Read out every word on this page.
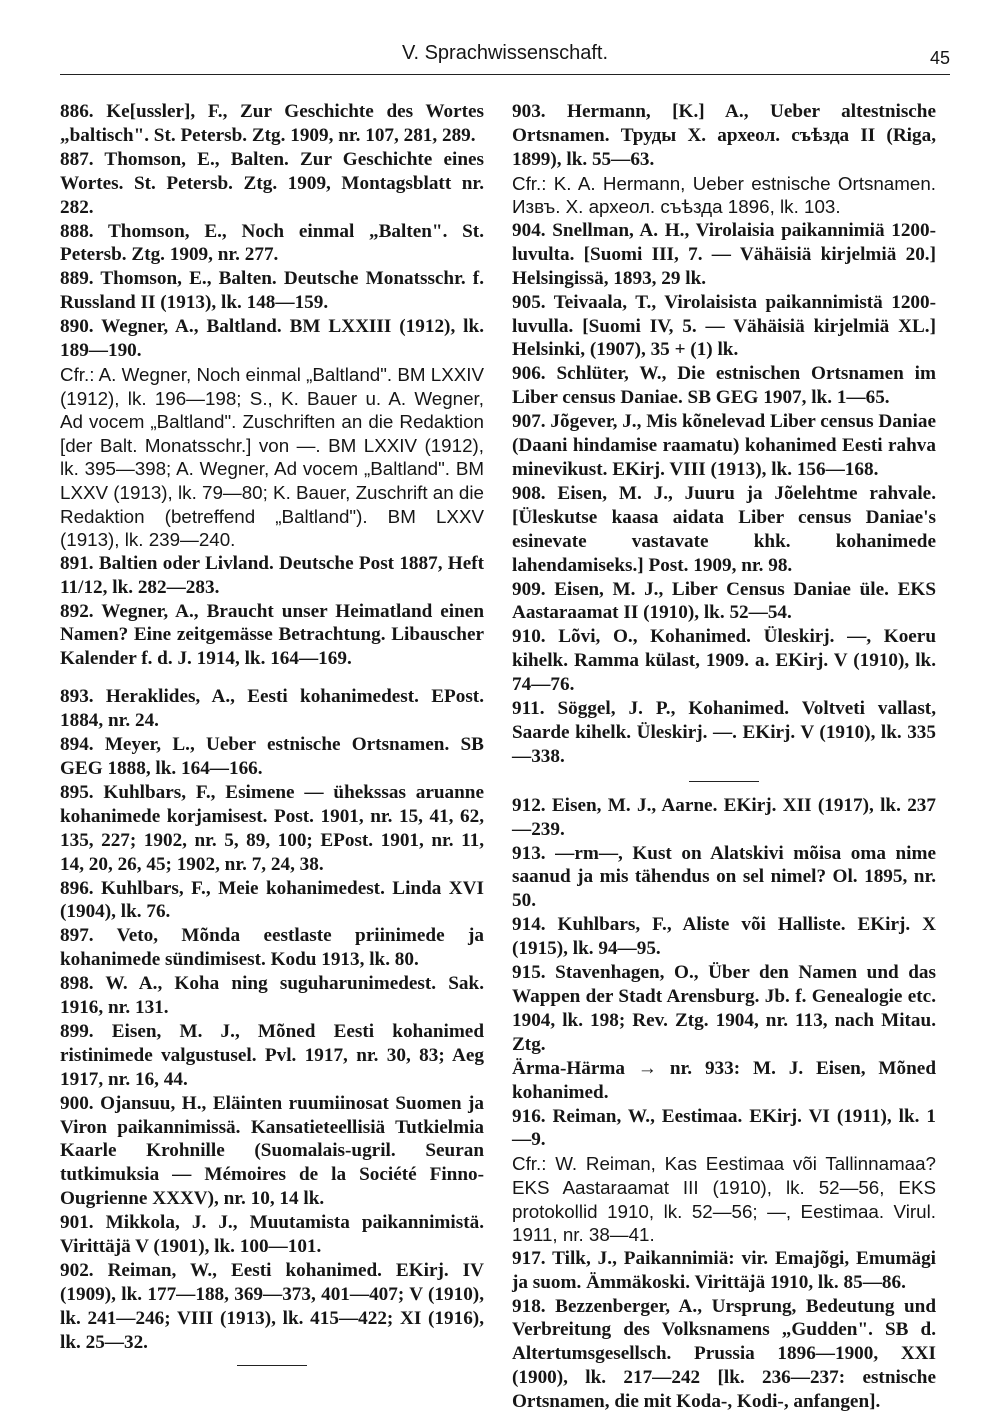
V. Sprachwissenschaft.	45

886. Ke[ussler], F., Zur Geschichte des Wortes „baltisch". St. Petersb. Ztg. 1909, nr. 107, 281, 289.

887. Thomson, E., Balten. Zur Geschichte eines Wortes. St. Petersb. Ztg. 1909, Montagsblatt nr. 282.

888. Thomson, E., Noch einmal „Balten". St. Petersb. Ztg. 1909, nr. 277.

889. Thomson, E., Balten. Deutsche Monatsschr. f. Russland II (1913), lk. 148—159.

890. Wegner, A., Baltland. BM LXXIII (1912), lk. 189—190.

Cfr.: A. Wegner, Noch einmal „Baltland". BM LXXIV (1912), lk. 196—198; S., K. Bauer u. A. Wegner, Ad vocem „Baltland". Zuschriften an die Redaktion [der Balt. Monatsschr.] von —. BM LXXIV (1912), lk. 395—398; A. Wegner, Ad vocem „Baltland". BM LXXV (1913), lk. 79—80; K. Bauer, Zuschrift an die Redaktion (betreffend „Baltland"). BM LXXV (1913), lk. 239—240.

891. Baltien oder Livland. Deutsche Post 1887, Heft 11/12, lk. 282—283.

892. Wegner, A., Braucht unser Heimatland einen Namen? Eine zeitgemässe Betrachtung. Libauscher Kalender f. d. J. 1914, lk. 164—169.

893. Heraklides, A., Eesti kohanimedest. EPost. 1884, nr. 24.

894. Meyer, L., Ueber estnische Ortsnamen. SB GEG 1888, lk. 164—166.

895. Kuhlbars, F., Esimene — ühekssas aruanne kohanimede korjamisest. Post. 1901, nr. 15, 41, 62, 135, 227; 1902, nr. 5, 89, 100; EPost. 1901, nr. 11, 14, 20, 26, 45; 1902, nr. 7, 24, 38.

896. Kuhlbars, F., Meie kohanimedest. Linda XVI (1904), lk. 76.

897. Veto, Mõnda eestlaste priinimede ja kohanimede sündimisest. Kodu 1913, lk. 80.

898. W. A., Koha ning suguharunimedest. Sak. 1916, nr. 131.

899. Eisen, M. J., Mõned Eesti kohanimed ristinimede valgustusel. Pvl. 1917, nr. 30, 83; Aeg 1917, nr. 16, 44.

900. Ojansuu, H., Eläinten ruumiinosat Suomen ja Viron paikannimissä. Kansatieteellisiä Tutkielmia Kaarle Krohnille (Suomalais-ugril. Seuran tutkimuksia — Mémoires de la Société Finno-Ougrienne XXXV), nr. 10, 14 lk.

901. Mikkola, J. J., Muutamista paikannimistä. Virittäjä V (1901), lk. 100—101.

902. Reiman, W., Eesti kohanimed. EKirj. IV (1909), lk. 177—188, 369—373, 401—407; V (1910), lk. 241—246; VIII (1913), lk. 415—422; XI (1916), lk. 25—32.

903. Hermann, [K.] A., Ueber altestnische Ortsnamen. Труды Х. археол. съѣзда II (Riga, 1899), lk. 55—63.

Cfr.: K. A. Hermann, Ueber estnische Ortsnamen. Извъ. Х. археол. съѣзда 1896, lk. 103.

904. Snellman, A. H., Virolaisia paikannimiä 1200-luvulta. [Suomi III, 7. — Vähäisiä kirjelmiä 20.] Helsingissä, 1893, 29 lk.

905. Teivaala, T., Virolaisista paikannimistä 1200-luvulla. [Suomi IV, 5. — Vähäisiä kirjelmiä XL.] Helsinki, (1907), 35 + (1) lk.

906. Schlüter, W., Die estnischen Ortsnamen im Liber census Daniae. SB GEG 1907, lk. 1—65.

907. Jõgever, J., Mis kõnelevad Liber census Daniae (Daani hindamise raamatu) kohanimed Eesti rahva minevikust. EKirj. VIII (1913), lk. 156—168.

908. Eisen, M. J., Juuru ja Jõelehtme rahvale. [Üleskutse kaasa aidata Liber census Daniae's esinevate vastavate khk. kohanimede lahendamiseks.] Post. 1909, nr. 98.

909. Eisen, M. J., Liber Census Daniae üle. EKS Aastaraamat II (1910), lk. 52—54.

910. Lõvi, O., Kohanimed. Üleskirj. —, Koeru kihelk. Ramma külast, 1909. a. EKirj. V (1910), lk. 74—76.

911. Söggel, J. P., Kohanimed. Voltveti vallast, Saarde kihelk. Üleskirj. —. EKirj. V (1910), lk. 335—338.

912. Eisen, M. J., Aarne. EKirj. XII (1917), lk. 237—239.

913. —rm—, Kust on Alatskivi mõisa oma nime saanud ja mis tähendus on sel nimel? Ol. 1895, nr. 50.

914. Kuhlbars, F., Aliste või Halliste. EKirj. X (1915), lk. 94—95.

915. Stavenhagen, O., Über den Namen und das Wappen der Stadt Arensburg. Jb. f. Genealogie etc. 1904, lk. 198; Rev. Ztg. 1904, nr. 113, nach Mitau. Ztg.

Ärma-Härma → nr. 933: M. J. Eisen, Mõned kohanimed.

916. Reiman, W., Eestimaa. EKirj. VI (1911), lk. 1—9.

Cfr.: W. Reiman, Kas Eestimaa või Tallinnamaa? EKS Aastaraamat III (1910), lk. 52—56, EKS protokollid 1910, lk. 52—56; —, Eestimaa. Virul. 1911, nr. 38—41.

917. Tilk, J., Paikannimiä: vir. Emajõgi, Emumägi ja suom. Ämmäkoski. Virittäjä 1910, lk. 85—86.

918. Bezzenberger, A., Ursprung, Bedeutung und Verbreitung des Volksnamens „Gudden". SB d. Altertumsgesellsch. Prussia 1896—1900, XXI (1900), lk. 217—242 [lk. 236—237: estnische Ortsnamen, die mit Koda-, Kodi-, anfangen].
